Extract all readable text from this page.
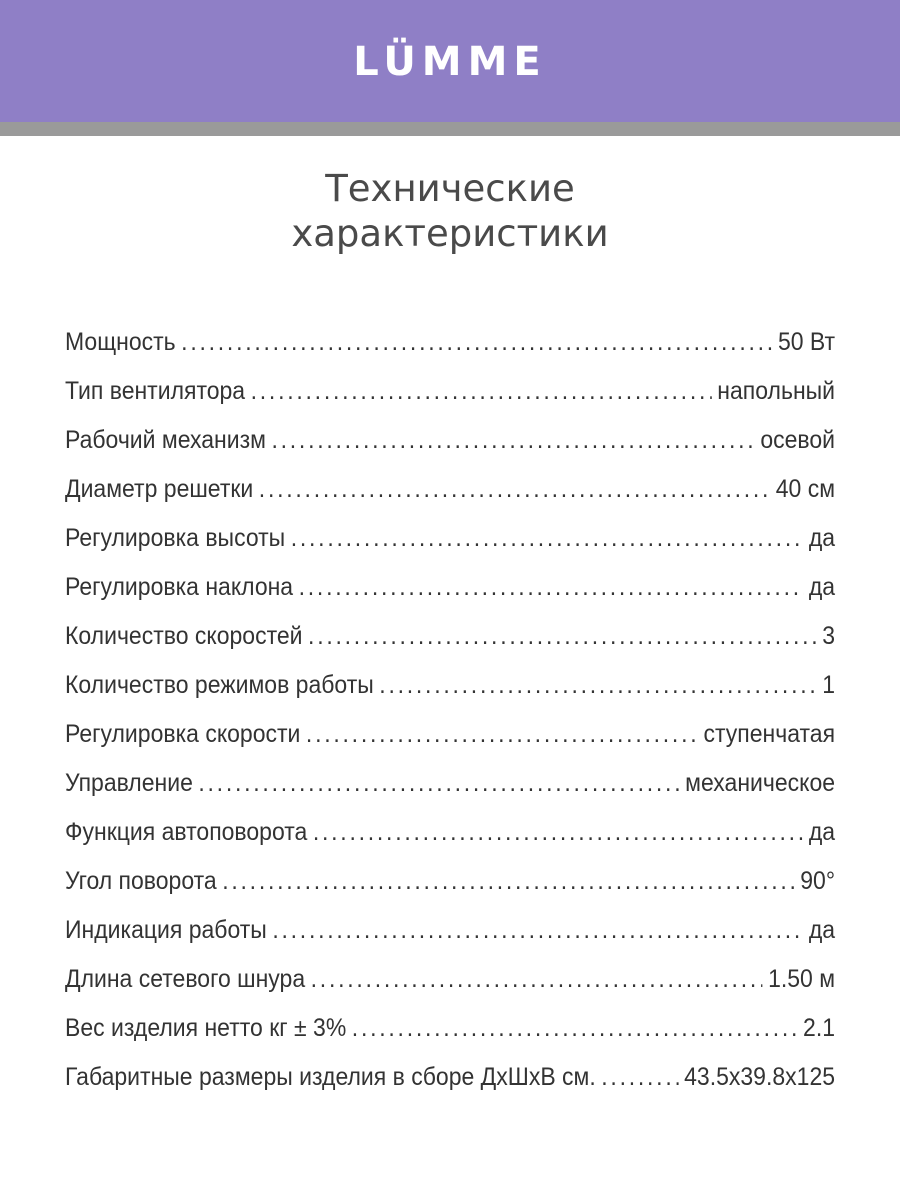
LÜMME
Технические
характеристики
Мощность .....	50 Вт
Тип вентилятора .....	напольный
Рабочий механизм .....	осевой
Диаметр решетки .....	40 см
Регулировка высоты .....	да
Регулировка наклона .....	да
Количество скоростей .....	3
Количество режимов работы .....	1
Регулировка скорости .....	ступенчатая
Управление .....	механическое
Функция автоповорота .....	да
Угол поворота .....	90°
Индикация работы .....	да
Длина сетевого шнура .....	1.50 м
Вес изделия нетто кг ± 3% .....	2.1
Габаритные размеры изделия в сборе ДхШхВ см. .....	43.5x39.8x125
